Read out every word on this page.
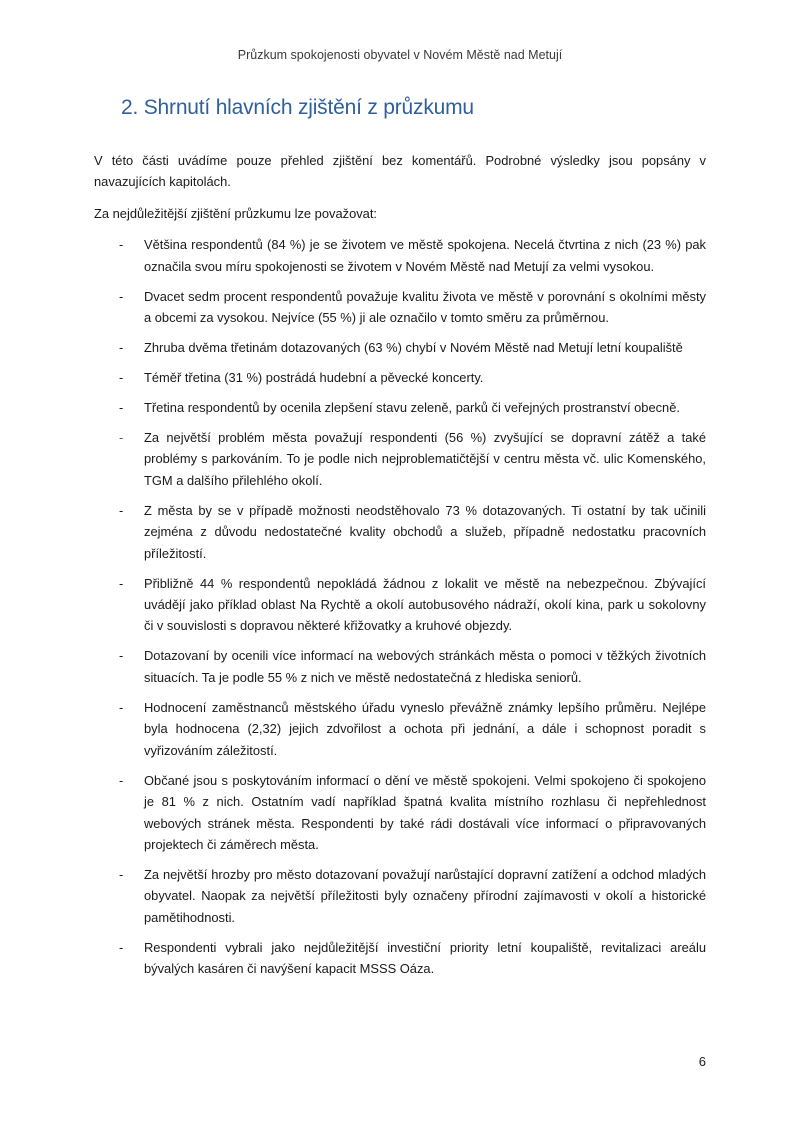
Průzkum spokojenosti obyvatel v Novém Městě nad Metují
2. Shrnutí hlavních zjištění z průzkumu

V této části uvádíme pouze přehled zjištění bez komentářů. Podrobné výsledky jsou popsány v navazujících kapitolách.

Za nejdůležitější zjištění průzkumu lze považovat:

- Většina respondentů (84 %) je se životem ve městě spokojena. Necelá čtvrtina z nich (23 %) pak označila svou míru spokojenosti se životem v Novém Městě nad Metují za velmi vysokou.
- Dvacet sedm procent respondentů považuje kvalitu života ve městě v porovnání s okolními městy a obcemi za vysokou. Nejvíce (55 %) ji ale označilo v tomto směru za průměrnou.
- Zhruba dvěma třetinám dotazovaných (63 %) chybí v Novém Městě nad Metují letní koupaliště
- Téměř třetina (31 %) postrádá hudební a pěvecké koncerty.
- Třetina respondentů by ocenila zlepšení stavu zeleně, parků či veřejných prostranství obecně.
- Za největší problém města považují respondenti (56 %) zvyšující se dopravní zátěž a také problémy s parkováním. To je podle nich nejproblematičtější v centru města vč. ulic Komenského, TGM a dalšího přilehlého okolí.
- Z města by se v případě možnosti neodstěhovalo 73 % dotazovaných. Ti ostatní by tak učinili zejména z důvodu nedostatečné kvality obchodů a služeb, případně nedostatku pracovních příležitostí.
- Přibližně 44 % respondentů nepokládá žádnou z lokalit ve městě na nebezpečnou. Zbývající uvádějí jako příklad oblast Na Rychtě a okolí autobusového nádraží, okolí kina, park u sokolovny či v souvislosti s dopravou některé křižovatky a kruhové objezdy.
- Dotazovaní by ocenili více informací na webových stránkách města o pomoci v těžkých životních situacích. Ta je podle 55 % z nich ve městě nedostatečná z hlediska seniorů.
- Hodnocení zaměstnanců městského úřadu vyneslo převážně známky lepšího průměru. Nejlépe byla hodnocena (2,32) jejich zdvořilost a ochota při jednání, a dále i schopnost poradit s vyřizováním záležitostí.
- Občané jsou s poskytováním informací o dění ve městě spokojeni. Velmi spokojeno či spokojeno je 81 % z nich. Ostatním vadí například špatná kvalita místního rozhlasu či nepřehlednost webových stránek města. Respondenti by také rádi dostávali více informací o připravovaných projektech či záměrech města.
- Za největší hrozby pro město dotazovaní považují narůstající dopravní zatížení a odchod mladých obyvatel. Naopak za největší příležitosti byly označeny přírodní zajímavosti v okolí a historické pamětihodnosti.
- Respondenti vybrali jako nejdůležitější investiční priority letní koupaliště, revitalizaci areálu bývalých kasáren či navýšení kapacit MSSS Oáza.
6
